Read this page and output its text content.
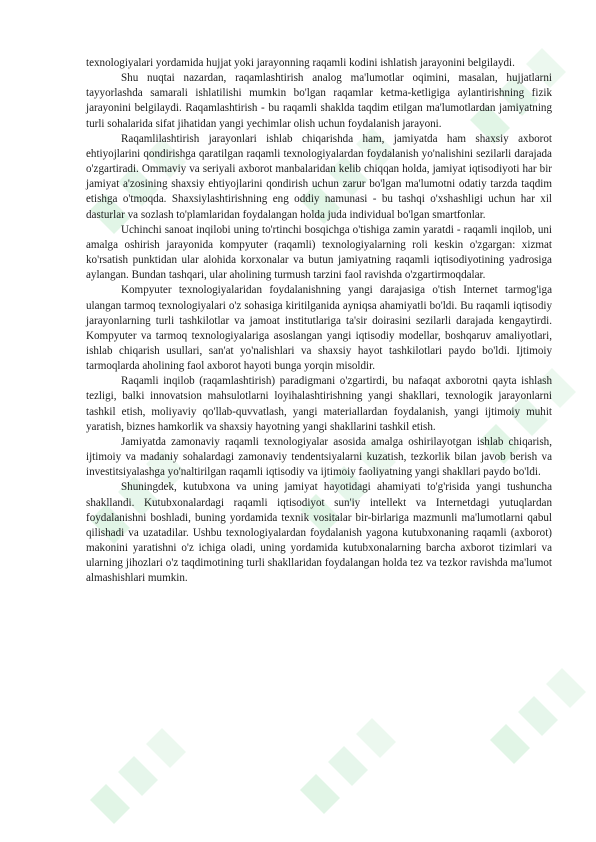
texnologiyalari yordamida hujjat yoki jarayonning raqamli kodini ishlatish jarayonini belgilaydi.

Shu nuqtai nazardan, raqamlashtirish analog ma'lumotlar oqimini, masalan, hujjatlarni tayyorlashda samarali ishlatilishi mumkin bo'lgan raqamlar ketma-ketligiga aylantirishning fizik jarayonini belgilaydi. Raqamlashtirish - bu raqamli shaklda taqdim etilgan ma'lumotlardan jamiyatning turli sohalarida sifat jihatidan yangi yechimlar olish uchun foydalanish jarayoni.

Raqamlilashtirish jarayonlari ishlab chiqarishda ham, jamiyatda ham shaxsiy axborot ehtiyojlarini qondirishga qaratilgan raqamli texnologiyalardan foydalanish yo'nalishini sezilarli darajada o'zgartiradi. Ommaviy va seriyali axborot manbalaridan kelib chiqqan holda, jamiyat iqtisodiyoti har bir jamiyat a'zosining shaxsiy ehtiyojlarini qondirish uchun zarur bo'lgan ma'lumotni odatiy tarzda taqdim etishga o'tmoqda. Shaxsiylashtirishning eng oddiy namunasi - bu tashqi o'xshashligi uchun har xil dasturlar va sozlash to'plamlaridan foydalangan holda juda individual bo'lgan smartfonlar.

Uchinchi sanoat inqilobi uning to'rtinchi bosqichga o'tishiga zamin yaratdi - raqamli inqilob, uni amalga oshirish jarayonida kompyuter (raqamli) texnologiyalarning roli keskin o'zgargan: xizmat ko'rsatish punktidan ular alohida korxonalar va butun jamiyatning raqamli iqtisodiyotining yadrosiga aylangan. Bundan tashqari, ular aholining turmush tarzini faol ravishda o'zgartirmoqdalar.

Kompyuter texnologiyalaridan foydalanishning yangi darajasiga o'tish Internet tarmog'iga ulangan tarmoq texnologiyalari o'z sohasiga kiritilganida ayniqsa ahamiyatli bo'ldi. Bu raqamli iqtisodiy jarayonlarning turli tashkilotlar va jamoat institutlariga ta'sir doirasini sezilarli darajada kengaytirdi. Kompyuter va tarmoq texnologiyalariga asoslangan yangi iqtisodiy modellar, boshqaruv amaliyotlari, ishlab chiqarish usullari, san'at yo'nalishlari va shaxsiy hayot tashkilotlari paydo bo'ldi. Ijtimoiy tarmoqlarda aholining faol axborot hayoti bunga yorqin misoldir.

Raqamli inqilob (raqamlashtirish) paradigmani o'zgartirdi, bu nafaqat axborotni qayta ishlash tezligi, balki innovatsion mahsulotlarni loyihalashtirishning yangi shakllari, texnologik jarayonlarni tashkil etish, moliyaviy qo'llab-quvvatlash, yangi materiallardan foydalanish, yangi ijtimoiy muhit yaratish, biznes hamkorlik va shaxsiy hayotning yangi shakllarini tashkil etish.

Jamiyatda zamonaviy raqamli texnologiyalar asosida amalga oshirilayotgan ishlab chiqarish, ijtimoiy va madaniy sohalardagi zamonaviy tendentsiyalarni kuzatish, tezkorlik bilan javob berish va investitsiyalashga yo'naltirilgan raqamli iqtisodiy va ijtimoiy faoliyatning yangi shakllari paydo bo'ldi.

Shuningdek, kutubxona va uning jamiyat hayotidagi ahamiyati to'g'risida yangi tushuncha shakllandi. Kutubxonalardagi raqamli iqtisodiyot sun'iy intellekt va Internetdagi yutuqlardan foydalanishni boshladi, buning yordamida texnik vositalar bir-birlariga mazmunli ma'lumotlarni qabul qilishadi va uzatadilar. Ushbu texnologiyalardan foydalanish yagona kutubxonaning raqamli (axborot) makonini yaratishni o'z ichiga oladi, uning yordamida kutubxonalarning barcha axborot tizimlari va ularning jihozlari o'z taqdimotining turli shakllaridan foydalangan holda tez va tezkor ravishda ma'lumot almashishlari mumkin.
